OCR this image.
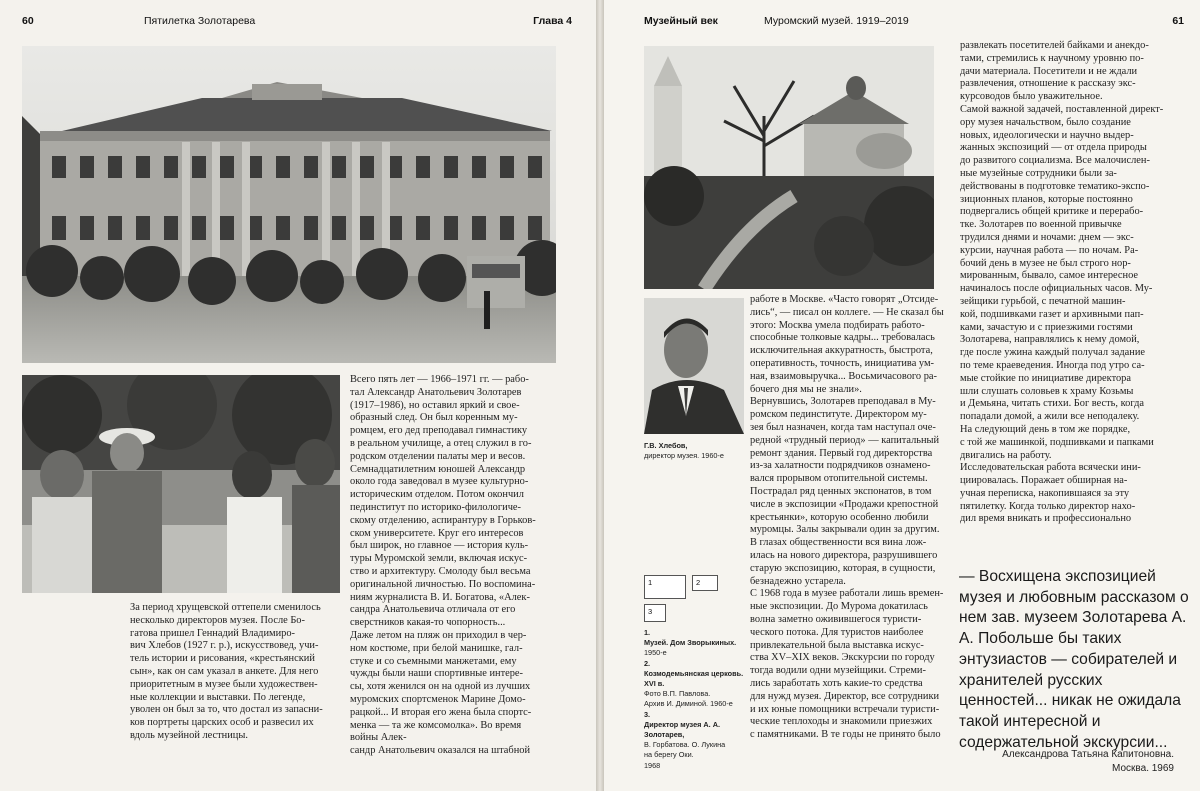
60	Пятилетка Золотарева	Глава 4

Всего пять лет — 1966–1971 гг. — рабо-

тал Александр Анатольевич Золотарев

(1917–1986), но оставил яркий и свое-

образный след. Он был коренным му-

ромцем, его дед преподавал гимнастику

в реальном училище, а отец служил в го-

родском отделении палаты мер и весов.

Семнадцатилетним юношей Александр

около года заведовал в музее культурно-

историческим отделом. Потом окончил

пединститут по историко-филологиче-

скому отделению, аспирантуру в Горьков-

ском университете. Круг его интересов

был широк, но главное — история куль-

туры Муромской земли, включая искус-

ство и архитектуру. Смолоду был весьма

оригинальной личностью. По воспомина-

ниям журналиста В. И. Богатова, «Алек-

сандра Анатольевича отличала от его

сверстников какая-то чопорность...

Даже летом на пляж он приходил в чер-

ном костюме, при белой манишке, гал-

стуке и со съемными манжетами, ему

чужды были наши спортивные интере-

сы, хотя женился он на одной из лучших

муромских спортсменок Марине Домо-

рацкой... И вторая его жена была спортс-

менка — та же комсомолка». Во время войны Алек-

сандр Анатольевич оказался на штабной

За период хрущевской оттепели сменилось

несколько директоров музея. После Бо-

гатова пришел Геннадий Владимиро-

вич Хлебов (1927 г. р.), искусствовед, учи-

тель истории и рисования, «крестьянский

сын», как он сам указал в анкете. Для него

приоритетным в музее были художествен-

ные коллекции и выставки. По легенде,

уволен он был за то, что достал из запасни-

ков портреты царских особ и развесил их

вдоль музейной лестницы.

Музейный век	Муромский музей. 1919–2019	61
Г.В. Хлебов,
директор музея. 1960-е
1	2
3
1.
Музей. Дом Зворыкиных.
1950-е
2.
Козмодемьянская церковь. XVI в.
Фото В.П. Павлова.
Архив И. Диминой. 1960-е
3.
Директор музея А. А. Золотарев,
В. Горбатова. О. Лукина
на берегу Оки.
1968

работе в Москве. «Часто говорят „Отсиде-

лись“, — писал он коллеге. — Не сказал бы

этого: Москва умела подбирать работо-

способные толковые кадры... требовалась

исключительная аккуратность, быстрота,

оперативность, точность, инициатива ум-

ная, взаимовыручка... Восьмичасового ра-

бочего дня мы не знали».

Вернувшись, Золотарев преподавал в Му-

ромском пединституте. Директором му-

зея был назначен, когда там наступал оче-

редной «трудный период» — капитальный

ремонт здания. Первый год директорства

из-за халатности подрядчиков ознамено-

вался прорывом отопительной системы.

Пострадал ряд ценных экспонатов, в том

числе в экспозиции «Продажи крепостной

крестьянки», которую особенно любили

муромцы. Залы закрывали один за другим.

В глазах общественности вся вина лож-

илась на нового директора, разрушившего

старую экспозицию, которая, в сущности,

безнадежно устарела.

С 1968 года в музее работали лишь времен-

ные экспозиции. До Мурома докатилась

волна заметно оживившегося туристи-

ческого потока. Для туристов наиболее

привлекательной была выставка искус-

ства XV–XIX веков. Экскурсии по городу

тогда водили одни музейщики. Стреми-

лись заработать хоть какие-то средства

для нужд музея. Директор, все сотрудники

и их юные помощники встречали туристи-

ческие теплоходы и знакомили приезжих

с памятниками. В те годы не принято было

развлекать посетителей байками и анекдо-

тами, стремились к научному уровню по-

дачи материала. Посетители и не ждали

развлечения, отношение к рассказу экс-

курсоводов было уважительное.

Самой важной задачей, поставленной директ-

ору музея начальством, было создание

новых, идеологически и научно выдер-

жанных экспозиций — от отдела природы

до развитого социализма. Все малочислен-

ные музейные сотрудники были за-

действованы в подготовке тематико-экспо-

зиционных планов, которые постоянно

подвергались общей критике и перерабо-

тке. Золотарев по военной привычке

трудился днями и ночами: днем — экс-

курсии, научная работа — по ночам. Ра-

бочий день в музее не был строго нор-

мированным, бывало, самое интересное

начиналось после официальных часов. Му-

зейщики гурьбой, с печатной машин-

кой, подшивками газет и архивными пап-

ками, зачастую и с приезжими гостями

Золотарева, направлялись к нему домой,

где после ужина каждый получал задание

по теме краеведения. Иногда под утро са-

мые стойкие по инициативе директора

шли слушать соловьев к храму Козьмы

и Демьяна, читать стихи. Бог весть, когда

попадали домой, а жили все неподалеку.

На следующий день в том же порядке,

с той же машинкой, подшивками и папками двигались на работу.

Исследовательская работа всячески ини-

циировалась. Поражает обширная на-

учная переписка, накопившаяся за эту

пятилетку. Когда только директор нахо-

дил время вникать и профессионально

— Восхищена экспозицией музея и любовным рассказом о нем зав. музеем Золотарева А. А. Побольше бы таких энтузиастов — собирателей и хранителей русских ценностей... никак не ожидала такой интересной и содержательной экскурсии...
Александрова Татьяна Капитоновна.
Москва. 1969
